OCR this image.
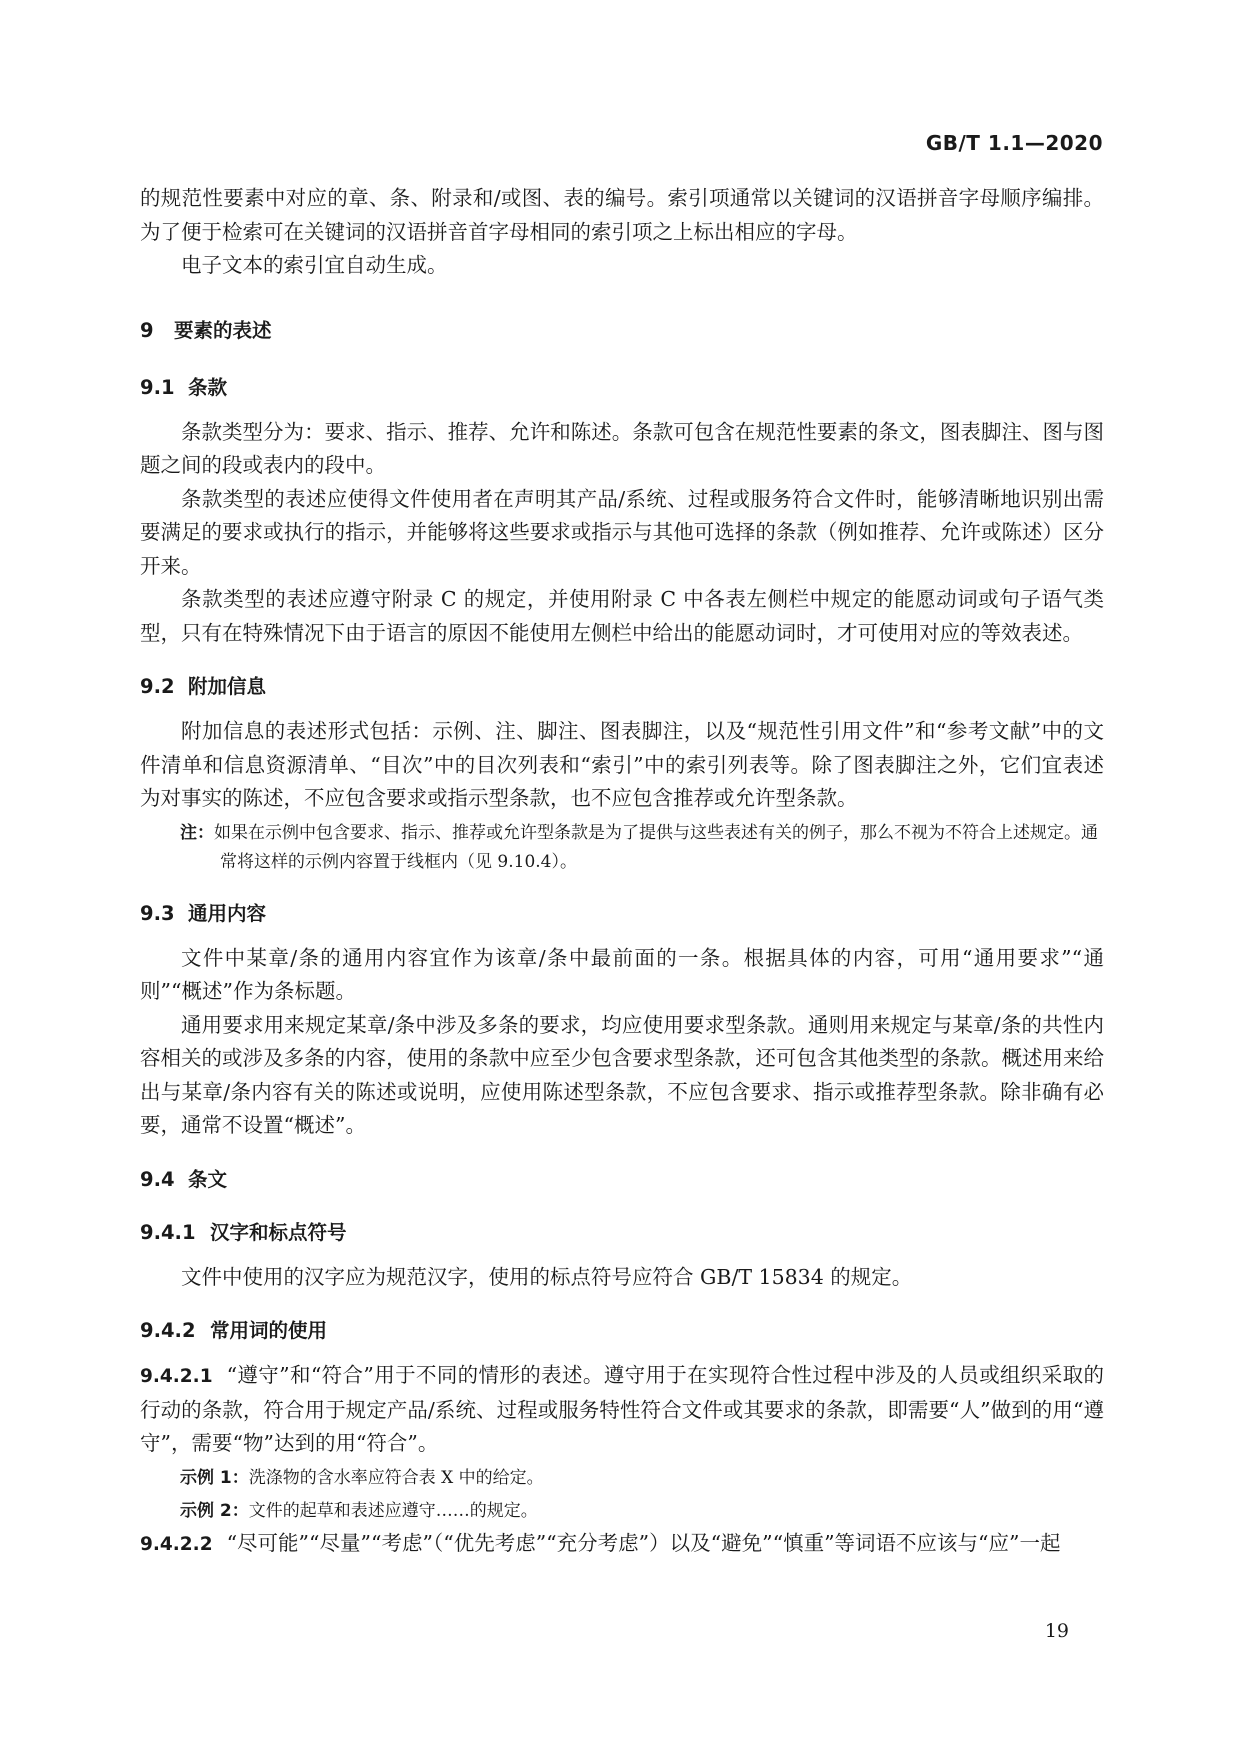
GB/T 1.1—2020

的规范性要素中对应的章、条、附录和/或图、表的编号。索引项通常以关键词的汉语拼音字母顺序编排。为了便于检索可在关键词的汉语拼音首字母相同的索引项之上标出相应的字母。

电子文本的索引宜自动生成。

9 要素的表述
9.1 条款

条款类型分为：要求、指示、推荐、允许和陈述。条款可包含在规范性要素的条文，图表脚注、图与图题之间的段或表内的段中。

条款类型的表述应使得文件使用者在声明其产品/系统、过程或服务符合文件时，能够清晰地识别出需要满足的要求或执行的指示，并能够将这些要求或指示与其他可选择的条款（例如推荐、允许或陈述）区分开来。

条款类型的表述应遵守附录 C 的规定，并使用附录 C 中各表左侧栏中规定的能愿动词或句子语气类型，只有在特殊情况下由于语言的原因不能使用左侧栏中给出的能愿动词时，才可使用对应的等效表述。

9.2 附加信息

附加信息的表述形式包括：示例、注、脚注、图表脚注，以及“规范性引用文件”和“参考文献”中的文件清单和信息资源清单、“目次”中的目次列表和“索引”中的索引列表等。除了图表脚注之外，它们宜表述为对事实的陈述，不应包含要求或指示型条款，也不应包含推荐或允许型条款。

注：如果在示例中包含要求、指示、推荐或允许型条款是为了提供与这些表述有关的例子，那么不视为不符合上述规定。通常将这样的示例内容置于线框内（见 9.10.4）。
9.3 通用内容

文件中某章/条的通用内容宜作为该章/条中最前面的一条。根据具体的内容，可用“通用要求”“通则”“概述”作为条标题。

通用要求用来规定某章/条中涉及多条的要求，均应使用要求型条款。通则用来规定与某章/条的共性内容相关的或涉及多条的内容，使用的条款中应至少包含要求型条款，还可包含其他类型的条款。概述用来给出与某章/条内容有关的陈述或说明，应使用陈述型条款，不应包含要求、指示或推荐型条款。除非确有必要，通常不设置“概述”。

9.4 条文
9.4.1 汉字和标点符号

文件中使用的汉字应为规范汉字，使用的标点符号应符合 GB/T 15834 的规定。

9.4.2 常用词的使用

9.4.2.1 “遵守”和“符合”用于不同的情形的表述。遵守用于在实现符合性过程中涉及的人员或组织采取的行动的条款，符合用于规定产品/系统、过程或服务特性符合文件或其要求的条款，即需要“人”做到的用“遵守”，需要“物”达到的用“符合”。

示例 1：洗涤物的含水率应符合表 X 中的给定。
示例 2：文件的起草和表述应遵守……的规定。

9.4.2.2 “尽可能”“尽量”“考虑”（“优先考虑”“充分考虑”）以及“避免”“慎重”等词语不应该与“应”一起

19
